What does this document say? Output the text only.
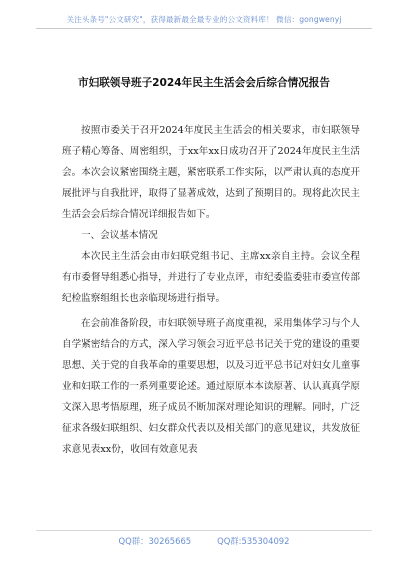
关注头条号"公文研究"，获得最新最全最专业的公文资料库！ 微信：gongwenyj
市妇联领导班子2024年民主生活会会后综合情况报告

按照市委关于召开2024年度民主生活会的相关要求，市妇联领导班子精心筹备、周密组织，于xx年xx日成功召开了2024年度民主生活会。本次会议紧密围绕主题，紧密联系工作实际，以严肃认真的态度开展批评与自我批评，取得了显著成效，达到了预期目的。现将此次民主生活会会后综合情况详细报告如下。

一、会议基本情况

本次民主生活会由市妇联党组书记、主席xx亲自主持。会议全程有市委督导组悉心指导，并进行了专业点评，市纪委监委驻市委宣传部纪检监察组组长也亲临现场进行指导。

在会前准备阶段，市妇联领导班子高度重视，采用集体学习与个人自学紧密结合的方式，深入学习领会习近平总书记关于党的建设的重要思想、关于党的自我革命的重要思想，以及习近平总书记对妇女儿童事业和妇联工作的一系列重要论述。通过原原本本读原著、认认真真学原文深入思考悟原理，班子成员不断加深对理论知识的理解。同时，广泛征求各级妇联组织、妇女群众代表以及相关部门的意见建议，共发放征求意见表xx份，收回有效意见表

QQ群：30265665	QQ群:535304092
